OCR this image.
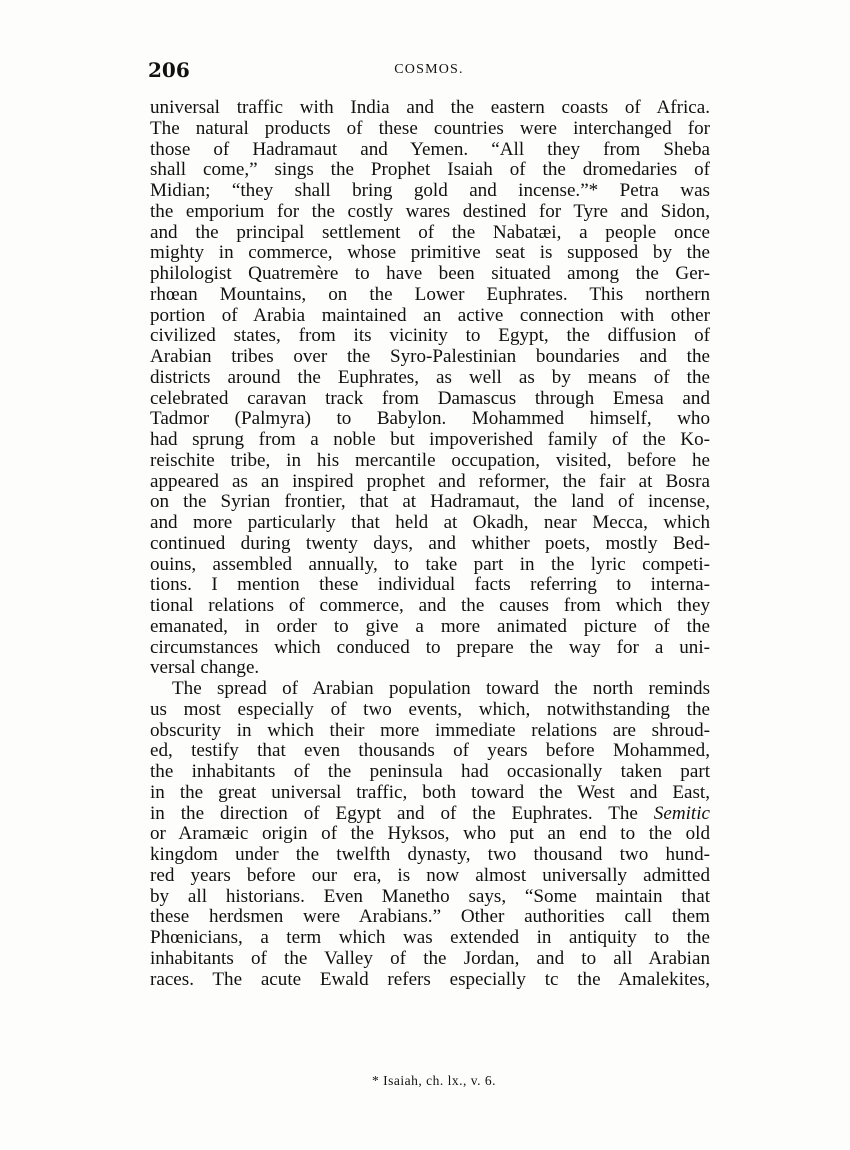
206	COSMOS.
universal traffic with India and the eastern coasts of Africa.
The natural products of these countries were interchanged for
those of Hadramaut and Yemen. “All they from Sheba
shall come,” sings the Prophet Isaiah of the dromedaries of
Midian; “they shall bring gold and incense.”* Petra was
the emporium for the costly wares destined for Tyre and Sidon,
and the principal settlement of the Nabatæi, a people once
mighty in commerce, whose primitive seat is supposed by the
philologist Quatremère to have been situated among the Ger-
rhœan Mountains, on the Lower Euphrates. This northern
portion of Arabia maintained an active connection with other
civilized states, from its vicinity to Egypt, the diffusion of
Arabian tribes over the Syro-Palestinian boundaries and the
districts around the Euphrates, as well as by means of the
celebrated caravan track from Damascus through Emesa and
Tadmor (Palmyra) to Babylon. Mohammed himself, who
had sprung from a noble but impoverished family of the Ko-
reischite tribe, in his mercantile occupation, visited, before he
appeared as an inspired prophet and reformer, the fair at Bosra
on the Syrian frontier, that at Hadramaut, the land of incense,
and more particularly that held at Okadh, near Mecca, which
continued during twenty days, and whither poets, mostly Bed-
ouins, assembled annually, to take part in the lyric competi-
tions. I mention these individual facts referring to interna-
tional relations of commerce, and the causes from which they
emanated, in order to give a more animated picture of the
circumstances which conduced to prepare the way for a uni-
versal change.
The spread of Arabian population toward the north reminds
us most especially of two events, which, notwithstanding the
obscurity in which their more immediate relations are shroud-
ed, testify that even thousands of years before Mohammed,
the inhabitants of the peninsula had occasionally taken part
in the great universal traffic, both toward the West and East,
in the direction of Egypt and of the Euphrates. The Semitic
or Aramæic origin of the Hyksos, who put an end to the old
kingdom under the twelfth dynasty, two thousand two hund-
red years before our era, is now almost universally admitted
by all historians. Even Manetho says, “Some maintain that
these herdsmen were Arabians.” Other authorities call them
Phœnicians, a term which was extended in antiquity to the
inhabitants of the Valley of the Jordan, and to all Arabian
races. The acute Ewald refers especially tc the Amalekites,
* Isaiah, ch. lx., v. 6.
